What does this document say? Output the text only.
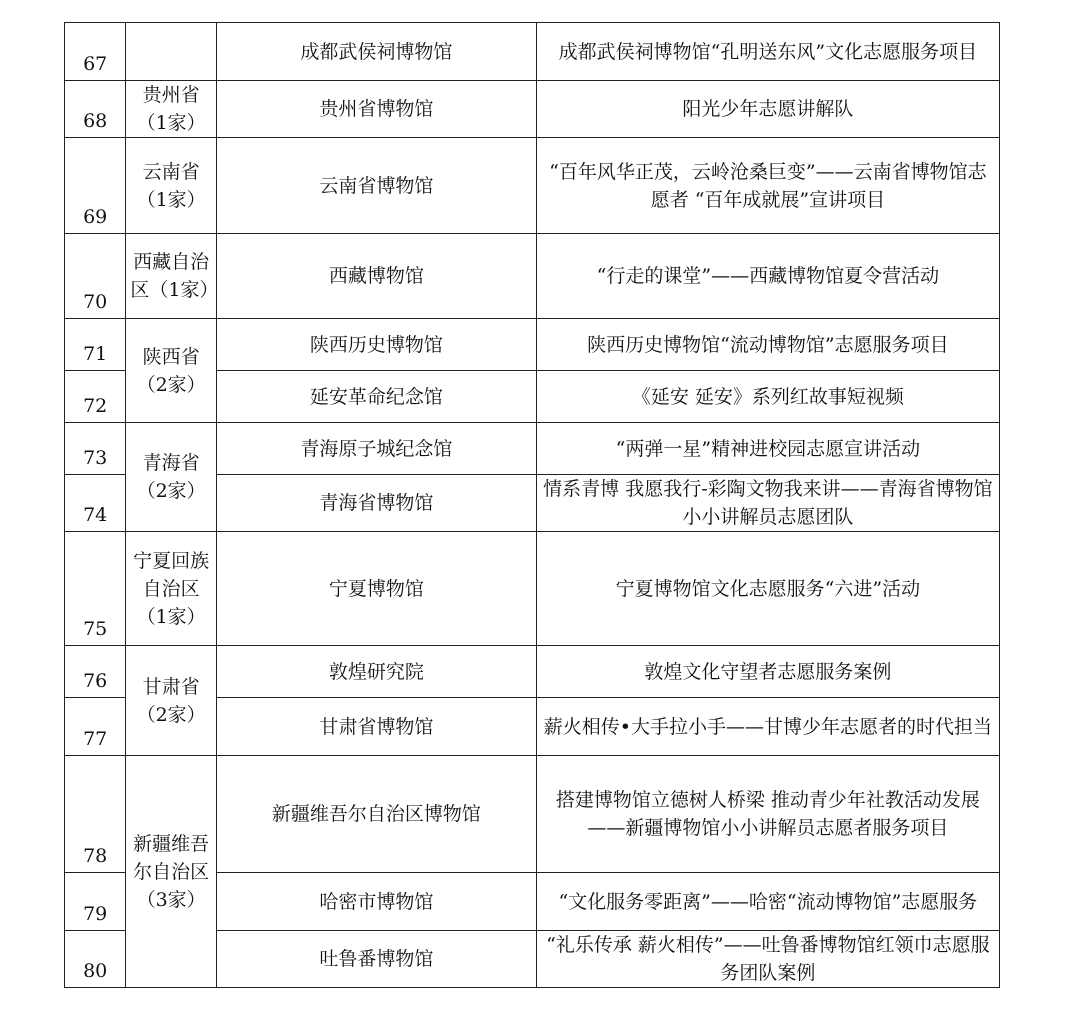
67		成都武侯祠博物馆	成都武侯祠博物馆“孔明送东风”文化志愿服务项目
68	贵州省（1家）	贵州省博物馆	阳光少年志愿讲解队
69	云南省（1家）	云南省博物馆	“百年风华正茂，云岭沧桑巨变”——云南省博物馆志愿者 “百年成就展”宣讲项目
70	西藏自治区（1家）	西藏博物馆	“行走的课堂”——西藏博物馆夏令营活动
71	陕西省（2家）	陕西历史博物馆	陕西历史博物馆“流动博物馆”志愿服务项目
72		延安革命纪念馆	《延安 延安》系列红故事短视频
73	青海省（2家）	青海原子城纪念馆	“两弹一星”精神进校园志愿宣讲活动
74		青海省博物馆	情系青博 我愿我行-彩陶文物我来讲——青海省博物馆小小讲解员志愿团队
75	宁夏回族自治区（1家）	宁夏博物馆	宁夏博物馆文化志愿服务“六进”活动
76	甘肃省（2家）	敦煌研究院	敦煌文化守望者志愿服务案例
77		甘肃省博物馆	薪火相传•大手拉小手——甘博少年志愿者的时代担当
78	新疆维吾尔自治区（3家）	新疆维吾尔自治区博物馆	搭建博物馆立德树人桥梁 推动青少年社教活动发展 ——新疆博物馆小小讲解员志愿者服务项目
79		哈密市博物馆	“文化服务零距离”——哈密“流动博物馆”志愿服务
80		吐鲁番博物馆	“礼乐传承 薪火相传”——吐鲁番博物馆红领巾志愿服务团队案例
